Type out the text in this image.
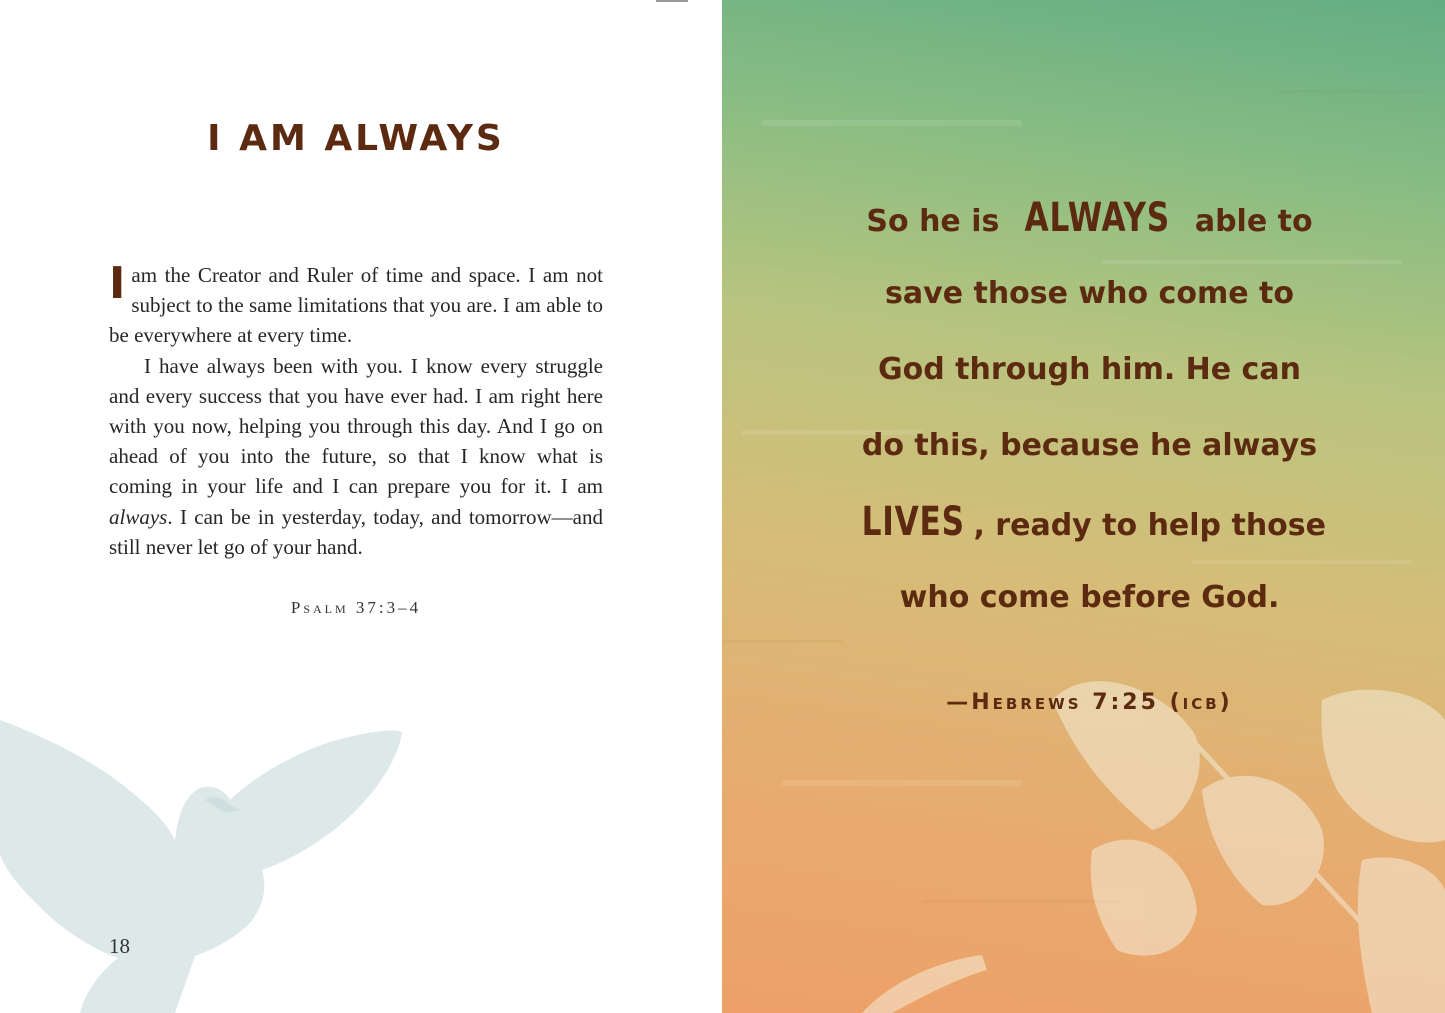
I AM ALWAYS

Iam the Creator and Ruler of time and space. I am not subject to the same limitations that you are. I am able to be everywhere at every time.

I have always been with you. I know every struggle and every success that you have ever had. I am right here with you now, helping you through this day. And I go on ahead of you into the future, so that I know what is coming in your life and I can prepare you for it. I am always. I can be in yesterday, today, and tomorrow—and still never let go of your hand.

Psalm 37:3–4
18
So he is ALWAYS able to
save those who come to
God through him. He can
do this, because he always
LIVES , ready to help those
who come before God.
—Hebrews 7:25 (icb)
